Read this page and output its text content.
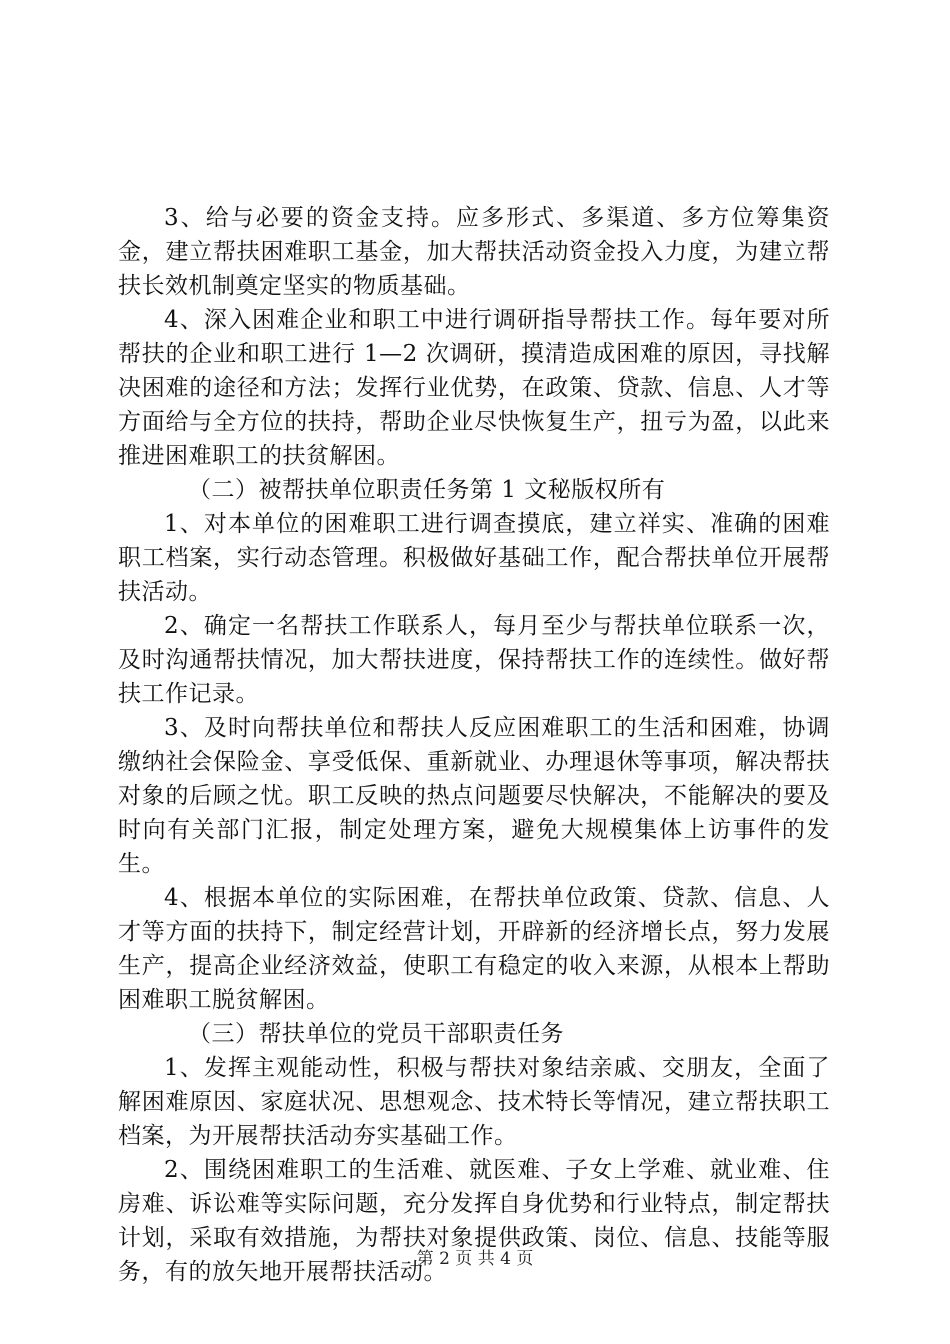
3、给与必要的资金支持。应多形式、多渠道、多方位筹集资金，建立帮扶困难职工基金，加大帮扶活动资金投入力度，为建立帮扶长效机制奠定坚实的物质基础。

4、深入困难企业和职工中进行调研指导帮扶工作。每年要对所帮扶的企业和职工进行 1—2 次调研，摸清造成困难的原因，寻找解决困难的途径和方法；发挥行业优势，在政策、贷款、信息、人才等方面给与全方位的扶持，帮助企业尽快恢复生产，扭亏为盈，以此来推进困难职工的扶贫解困。

（二）被帮扶单位职责任务第 1 文秘版权所有

1、对本单位的困难职工进行调查摸底，建立祥实、准确的困难职工档案，实行动态管理。积极做好基础工作，配合帮扶单位开展帮扶活动。

2、确定一名帮扶工作联系人，每月至少与帮扶单位联系一次，及时沟通帮扶情况，加大帮扶进度，保持帮扶工作的连续性。做好帮扶工作记录。

3、及时向帮扶单位和帮扶人反应困难职工的生活和困难，协调缴纳社会保险金、享受低保、重新就业、办理退休等事项，解决帮扶对象的后顾之忧。职工反映的热点问题要尽快解决，不能解决的要及时向有关部门汇报，制定处理方案，避免大规模集体上访事件的发生。

4、根据本单位的实际困难，在帮扶单位政策、贷款、信息、人才等方面的扶持下，制定经营计划，开辟新的经济增长点，努力发展生产，提高企业经济效益，使职工有稳定的收入来源，从根本上帮助困难职工脱贫解困。

（三）帮扶单位的党员干部职责任务

1、发挥主观能动性，积极与帮扶对象结亲戚、交朋友，全面了解困难原因、家庭状况、思想观念、技术特长等情况，建立帮扶职工档案，为开展帮扶活动夯实基础工作。

2、围绕困难职工的生活难、就医难、子女上学难、就业难、住房难、诉讼难等实际问题，充分发挥自身优势和行业特点，制定帮扶计划，采取有效措施，为帮扶对象提供政策、岗位、信息、技能等服务，有的放矢地开展帮扶活动。

第 2 页 共 4 页
